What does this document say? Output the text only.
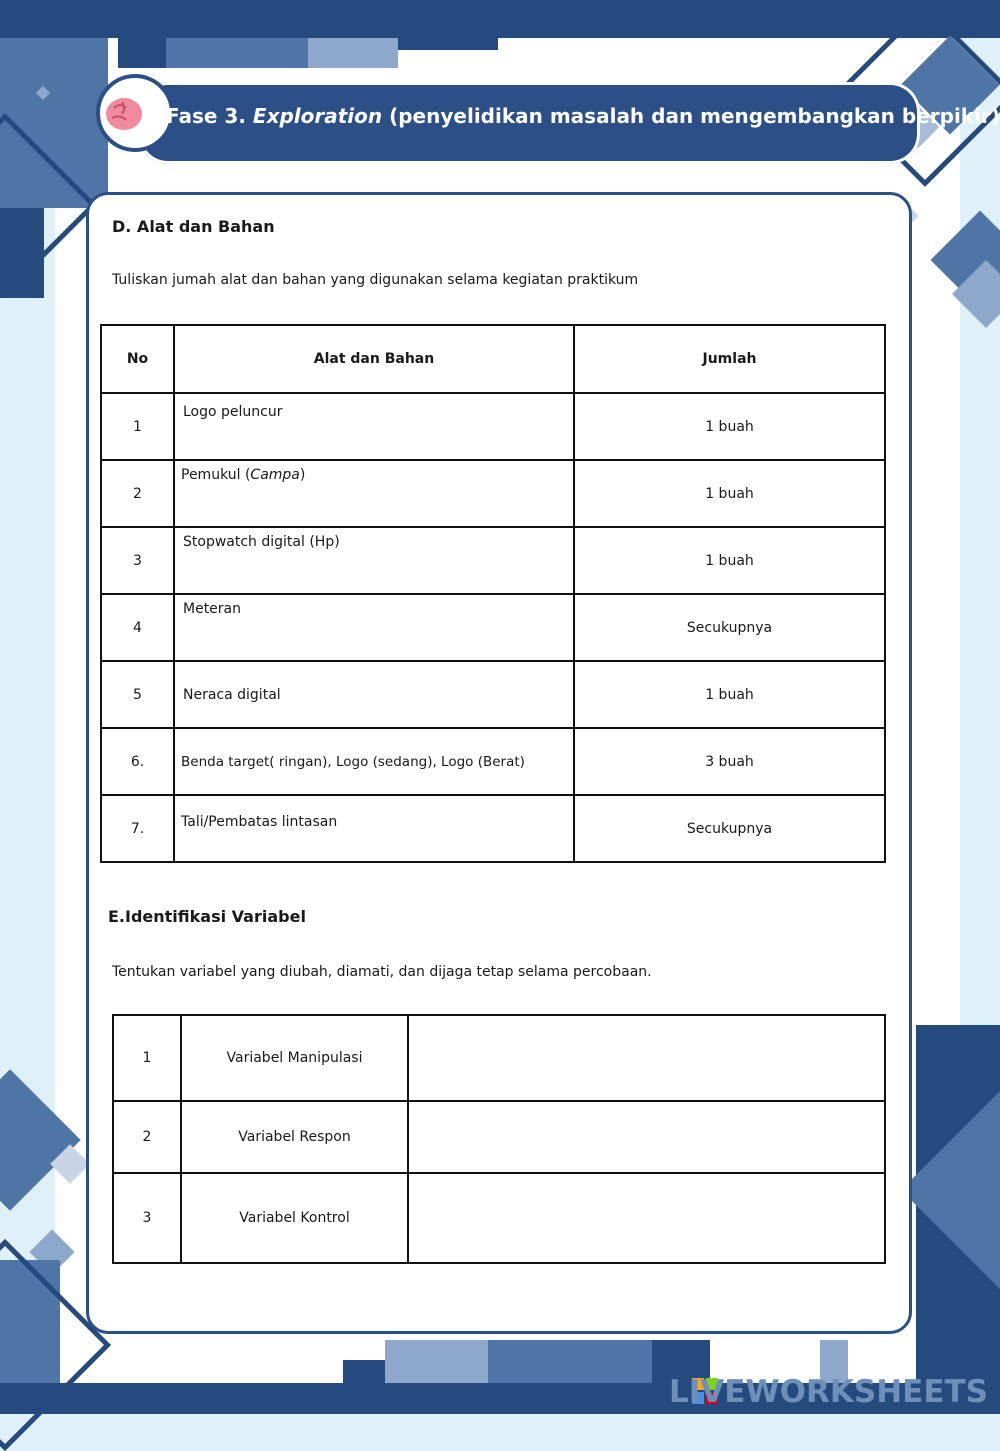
Fase 3. Exploration (penyelidikan masalah dan mengembangkan berpikir)
D. Alat dan Bahan
Tuliskan jumah alat dan bahan yang digunakan selama kegiatan praktikum
No	Alat dan Bahan	Jumlah
1	Logo peluncur	1 buah
2	Pemukul (Campa)	1 buah
3	Stopwatch digital (Hp)	1 buah
4	Meteran	Secukupnya
5	Neraca digital	1 buah
6.	Benda target( ringan), Logo (sedang), Logo (Berat)	3 buah
7.	Tali/Pembatas lintasan	Secukupnya
E.Identifikasi Variabel
Tentukan variabel yang diubah, diamati, dan dijaga tetap selama percobaan.
1	Variabel Manipulasi	
2	Variabel Respon	
3	Variabel Kontrol	
LIVEWORKSHEETS
